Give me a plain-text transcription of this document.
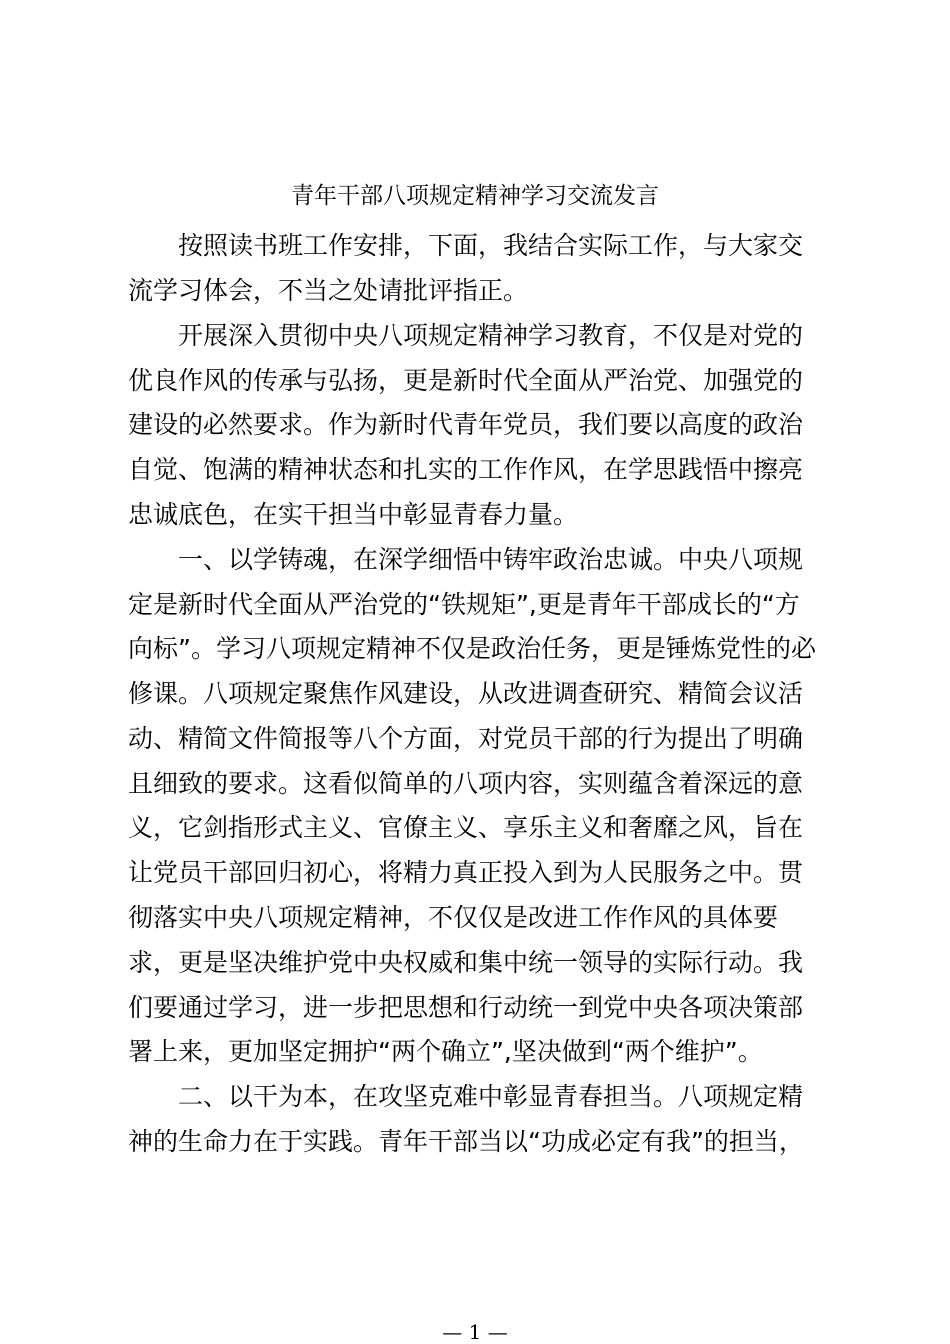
青年干部八项规定精神学习交流发言
按照读书班工作安排，下面，我结合实际工作，与大家交
流学习体会，不当之处请批评指正。
开展深入贯彻中央八项规定精神学习教育，不仅是对党的
优良作风的传承与弘扬，更是新时代全面从严治党、加强党的
建设的必然要求。作为新时代青年党员，我们要以高度的政治
自觉、饱满的精神状态和扎实的工作作风，在学思践悟中擦亮
忠诚底色，在实干担当中彰显青春力量。
一、以学铸魂，在深学细悟中铸牢政治忠诚。中央八项规
定是新时代全面从严治党的“铁规矩”,更是青年干部成长的“方
向标”。学习八项规定精神不仅是政治任务，更是锤炼党性的必
修课。八项规定聚焦作风建设，从改进调查研究、精简会议活
动、精简文件简报等八个方面，对党员干部的行为提出了明确
且细致的要求。这看似简单的八项内容，实则蕴含着深远的意
义，它剑指形式主义、官僚主义、享乐主义和奢靡之风，旨在
让党员干部回归初心，将精力真正投入到为人民服务之中。贯
彻落实中央八项规定精神，不仅仅是改进工作作风的具体要
求，更是坚决维护党中央权威和集中统一领导的实际行动。我
们要通过学习，进一步把思想和行动统一到党中央各项决策部
署上来，更加坚定拥护“两个确立”,坚决做到“两个维护”。
二、以干为本，在攻坚克难中彰显青春担当。八项规定精
神的生命力在于实践。青年干部当以“功成必定有我”的担当，
— 1 —
